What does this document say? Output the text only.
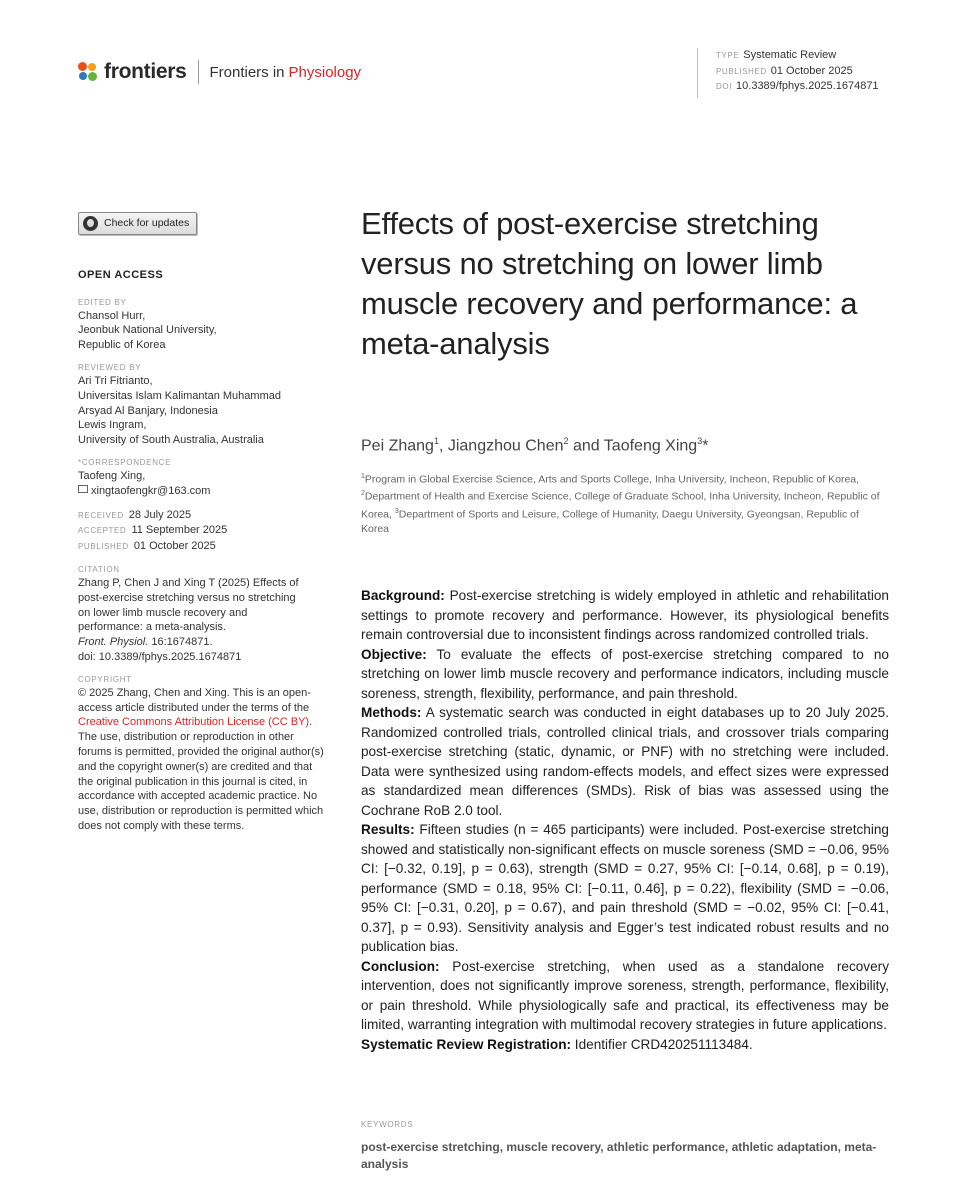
frontiers Frontiers in Physiology
TYPE Systematic Review
PUBLISHED 01 October 2025
DOI 10.3389/fphys.2025.1674871
Check for updates
OPEN ACCESS
EDITED BY
Chansol Hurr,
Jeonbuk National University,
Republic of Korea
REVIEWED BY
Ari Tri Fitrianto,
Universitas Islam Kalimantan Muhammad
Arsyad Al Banjary, Indonesia
Lewis Ingram,
University of South Australia, Australia
*CORRESPONDENCE
Taofeng Xing,
xingtaofengkr@163.com
RECEIVED 28 July 2025
ACCEPTED 11 September 2025
PUBLISHED 01 October 2025
CITATION
Zhang P, Chen J and Xing T (2025) Effects of
post-exercise stretching versus no stretching
on lower limb muscle recovery and
performance: a meta-analysis.
Front. Physiol. 16:1674871.
doi: 10.3389/fphys.2025.1674871
COPYRIGHT
© 2025 Zhang, Chen and Xing. This is an open-access article distributed under the terms of the Creative Commons Attribution License (CC BY). The use, distribution or reproduction in other forums is permitted, provided the original author(s) and the copyright owner(s) are credited and that the original publication in this journal is cited, in accordance with accepted academic practice. No use, distribution or reproduction is permitted which does not comply with these terms.
Effects of post-exercise stretching versus no stretching on lower limb muscle recovery and performance: a meta-analysis
Pei Zhang$^1$, Jiangzhou Chen$^2$ and Taofeng Xing$^3$*
$^1$Program in Global Exercise Science, Arts and Sports College, Inha University, Incheon, Republic of Korea, $^2$Department of Health and Exercise Science, College of Graduate School, Inha University, Incheon, Republic of Korea, $^3$Department of Sports and Leisure, College of Humanity, Daegu University, Gyeongsan, Republic of Korea

Background: Post-exercise stretching is widely employed in athletic and rehabilitation settings to promote recovery and performance. However, its physiological benefits remain controversial due to inconsistent findings across randomized controlled trials.

Objective: To evaluate the effects of post-exercise stretching compared to no stretching on lower limb muscle recovery and performance indicators, including muscle soreness, strength, flexibility, performance, and pain threshold.

Methods: A systematic search was conducted in eight databases up to 20 July 2025. Randomized controlled trials, controlled clinical trials, and crossover trials comparing post-exercise stretching (static, dynamic, or PNF) with no stretching were included. Data were synthesized using random-effects models, and effect sizes were expressed as standardized mean differences (SMDs). Risk of bias was assessed using the Cochrane RoB 2.0 tool.

Results: Fifteen studies (n = 465 participants) were included. Post-exercise stretching showed and statistically non-significant effects on muscle soreness (SMD = −0.06, 95% CI: [−0.32, 0.19], p = 0.63), strength (SMD = 0.27, 95% CI: [−0.14, 0.68], p = 0.19), performance (SMD = 0.18, 95% CI: [−0.11, 0.46], p = 0.22), flexibility (SMD = −0.06, 95% CI: [−0.31, 0.20], p = 0.67), and pain threshold (SMD = −0.02, 95% CI: [−0.41, 0.37], p = 0.93). Sensitivity analysis and Egger’s test indicated robust results and no publication bias.

Conclusion: Post-exercise stretching, when used as a standalone recovery intervention, does not significantly improve soreness, strength, performance, flexibility, or pain threshold. While physiologically safe and practical, its effectiveness may be limited, warranting integration with multimodal recovery strategies in future applications.

Systematic Review Registration: Identifier CRD420251113484.

KEYWORDS
post-exercise stretching, muscle recovery, athletic performance, athletic adaptation, meta-analysis
